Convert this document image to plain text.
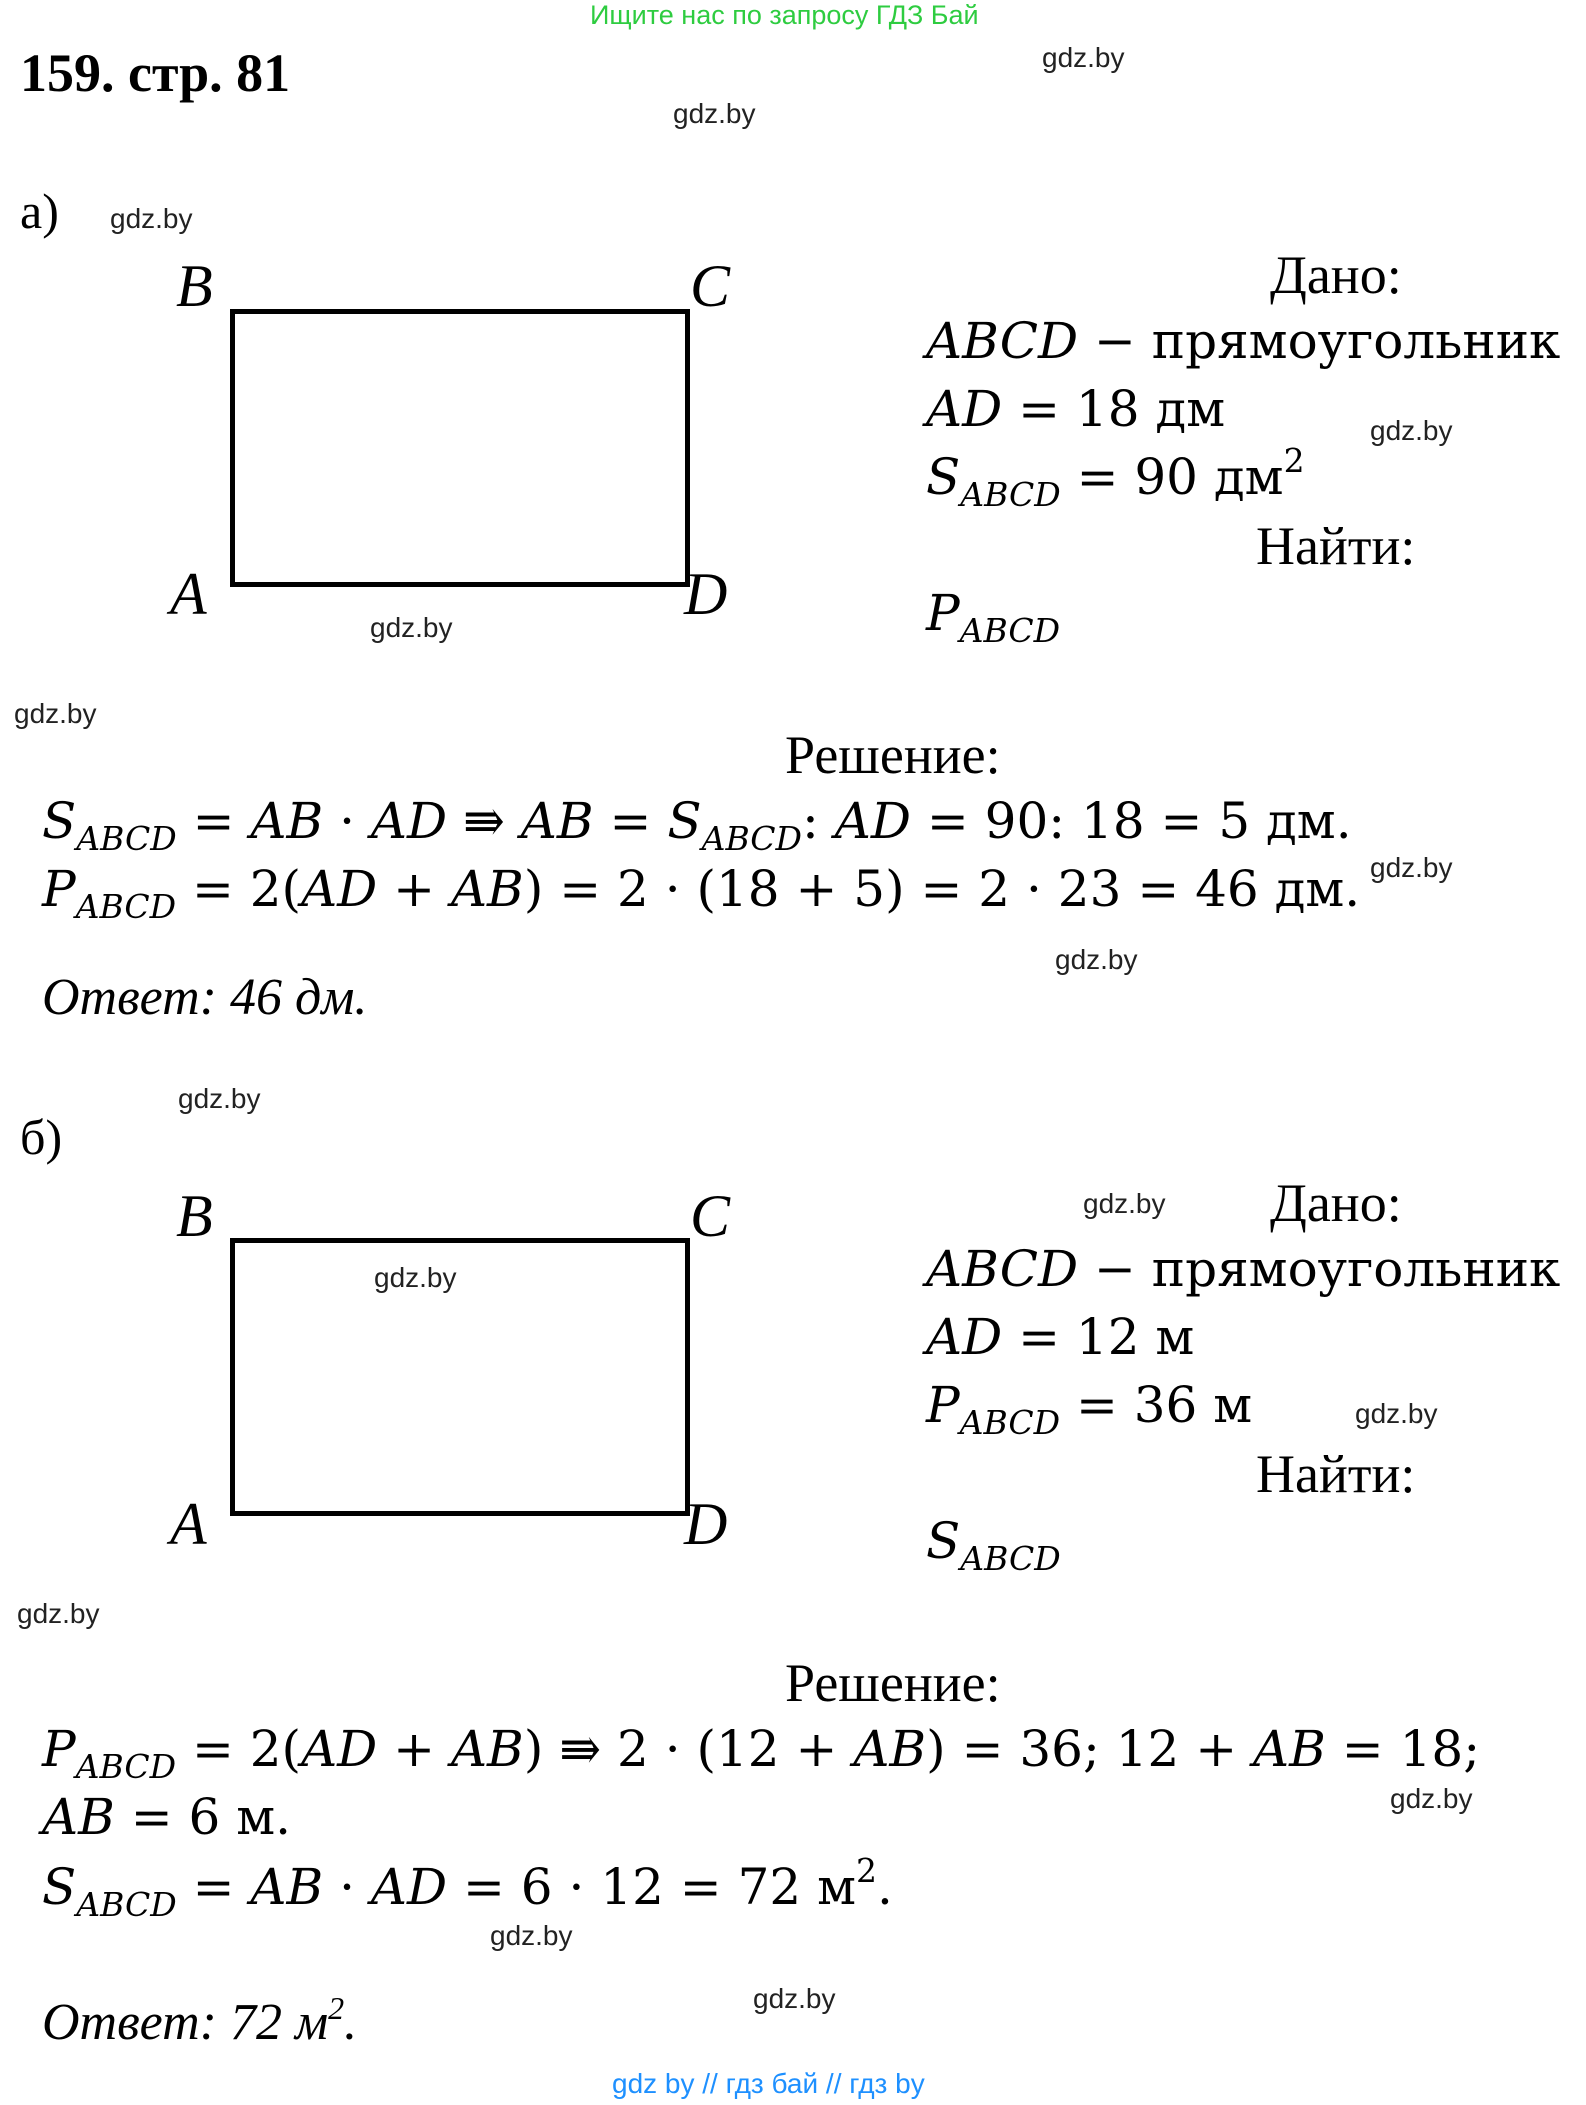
Ищите нас по запросу ГДЗ Бай
159. стр. 81	gdz.by
gdz.by
gdz.by
gdz.by
gdz.by
gdz.by
gdz.by
gdz.by
gdz.by
gdz.by
gdz.by
gdz.by
gdz.by
gdz.by
gdz.by
gdz.by
а)
B	C
A	D
Дано:
ABCD − прямоугольник
AD = 18 дм
$S_{ABCD} = 90$ $дм^2$
Найти:
$P_{ABCD}$
Решение:
$S_{ABCD}$ = AB · AD ⇛ AB = $S_{ABCD}$: AD = 90: 18 = 5 дм.
$P_{ABCD} = 2(AD + AB) = 2 \cdot (18 + 5) = 2 \cdot 23 = 46$ дм.
Ответ: 46 дм.
б)
B	C
A	D
Дано:
ABCD − прямоугольник
AD = 12 м
$P_{ABCD} = 36$ м
Найти:
$S_{ABCD}$
Решение:
$P_{ABCD} = 2(AD + AB)$ ⇛ 2 · (12 + AB) = 36; 12 + AB = 18;
AB = 6 м.
$S_{ABCD}$ = AB · AD = 6 · 12 = 72 $м^2$.
Ответ: 72 $м^2$.
gdz by // гдз бай // гдз by
